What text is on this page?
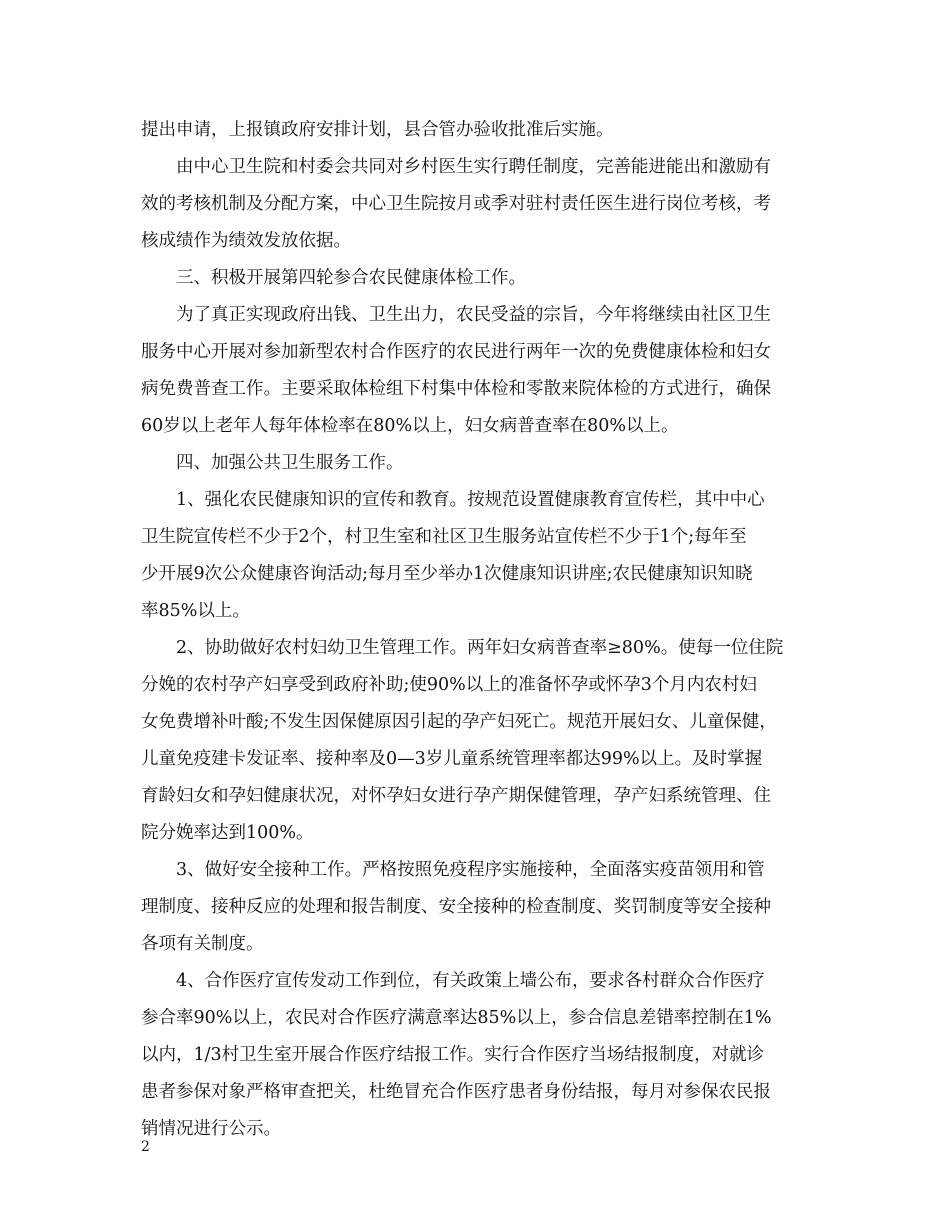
提出申请，上报镇政府安排计划，县合管办验收批准后实施。
由中心卫生院和村委会共同对乡村医生实行聘任制度，完善能进能出和激励有
效的考核机制及分配方案，中心卫生院按月或季对驻村责任医生进行岗位考核，考
核成绩作为绩效发放依据。
三、积极开展第四轮参合农民健康体检工作。
为了真正实现政府出钱、卫生出力，农民受益的宗旨，今年将继续由社区卫生
服务中心开展对参加新型农村合作医疗的农民进行两年一次的免费健康体检和妇女
病免费普查工作。主要采取体检组下村集中体检和零散来院体检的方式进行，确保
60岁以上老年人每年体检率在80%以上，妇女病普查率在80%以上。
四、加强公共卫生服务工作。
1、强化农民健康知识的宣传和教育。按规范设置健康教育宣传栏，其中中心
卫生院宣传栏不少于2个，村卫生室和社区卫生服务站宣传栏不少于1个;每年至
少开展9次公众健康咨询活动;每月至少举办1次健康知识讲座;农民健康知识知晓
率85%以上。
2、协助做好农村妇幼卫生管理工作。两年妇女病普查率≥80%。使每一位住院
分娩的农村孕产妇享受到政府补助;使90%以上的准备怀孕或怀孕3个月内农村妇
女免费增补叶酸;不发生因保健原因引起的孕产妇死亡。规范开展妇女、儿童保健，
儿童免疫建卡发证率、接种率及0—3岁儿童系统管理率都达99%以上。及时掌握
育龄妇女和孕妇健康状况，对怀孕妇女进行孕产期保健管理，孕产妇系统管理、住
院分娩率达到100%。
3、做好安全接种工作。严格按照免疫程序实施接种，全面落实疫苗领用和管
理制度、接种反应的处理和报告制度、安全接种的检查制度、奖罚制度等安全接种
各项有关制度。
4、合作医疗宣传发动工作到位，有关政策上墙公布，要求各村群众合作医疗
参合率90%以上，农民对合作医疗满意率达85%以上，参合信息差错率控制在1%
以内，1/3村卫生室开展合作医疗结报工作。实行合作医疗当场结报制度，对就诊
患者参保对象严格审查把关，杜绝冒充合作医疗患者身份结报，每月对参保农民报
销情况进行公示。
2
